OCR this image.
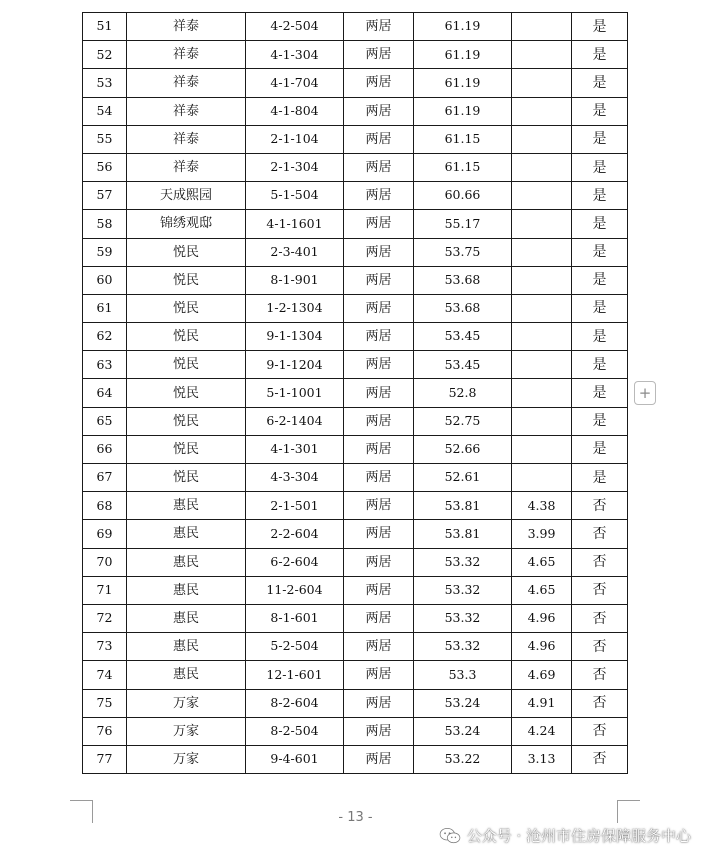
51	祥泰	4-2-504	两居	61.19		是
52	祥泰	4-1-304	两居	61.19		是
53	祥泰	4-1-704	两居	61.19		是
54	祥泰	4-1-804	两居	61.19		是
55	祥泰	2-1-104	两居	61.15		是
56	祥泰	2-1-304	两居	61.15		是
57	天成熙园	5-1-504	两居	60.66		是
58	锦绣观邸	4-1-1601	两居	55.17		是
59	悦民	2-3-401	两居	53.75		是
60	悦民	8-1-901	两居	53.68		是
61	悦民	1-2-1304	两居	53.68		是
62	悦民	9-1-1304	两居	53.45		是
63	悦民	9-1-1204	两居	53.45		是
64	悦民	5-1-1001	两居	52.8		是
65	悦民	6-2-1404	两居	52.75		是
66	悦民	4-1-301	两居	52.66		是
67	悦民	4-3-304	两居	52.61		是
68	惠民	2-1-501	两居	53.81	4.38	否
69	惠民	2-2-604	两居	53.81	3.99	否
70	惠民	6-2-604	两居	53.32	4.65	否
71	惠民	11-2-604	两居	53.32	4.65	否
72	惠民	8-1-601	两居	53.32	4.96	否
73	惠民	5-2-504	两居	53.32	4.96	否
74	惠民	12-1-601	两居	53.3	4.69	否
75	万家	8-2-604	两居	53.24	4.91	否
76	万家	8-2-504	两居	53.24	4.24	否
77	万家	9-4-601	两居	53.22	3.13	否
+
- 13 -
公众号 · 沧州市住房保障服务中心
